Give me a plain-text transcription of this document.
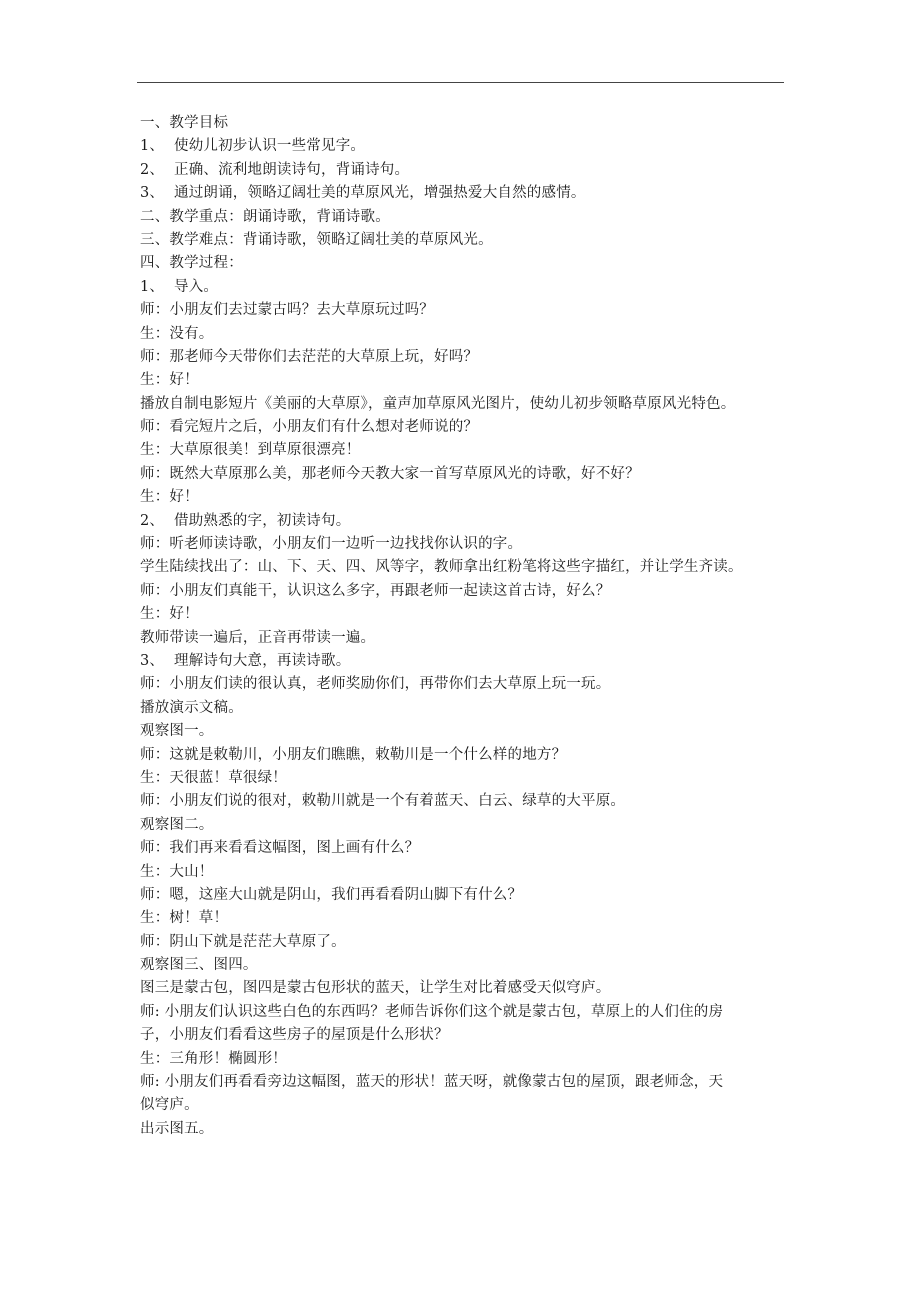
一、教学目标
1、 使幼儿初步认识一些常见字。
2、 正确、流利地朗读诗句，背诵诗句。
3、 通过朗诵，领略辽阔壮美的草原风光，增强热爱大自然的感情。
二、教学重点：朗诵诗歌，背诵诗歌。
三、教学难点：背诵诗歌，领略辽阔壮美的草原风光。
四、教学过程：
1、 导入。
师：小朋友们去过蒙古吗？去大草原玩过吗？
生：没有。
师：那老师今天带你们去茫茫的大草原上玩，好吗？
生：好！
播放自制电影短片《美丽的大草原》，童声加草原风光图片，使幼儿初步领略草原风光特色。
师：看完短片之后，小朋友们有什么想对老师说的？
生：大草原很美！到草原很漂亮！
师：既然大草原那么美，那老师今天教大家一首写草原风光的诗歌，好不好？
生：好！
2、 借助熟悉的字，初读诗句。
师：听老师读诗歌，小朋友们一边听一边找找你认识的字。
学生陆续找出了：山、下、天、四、风等字，教师拿出红粉笔将这些字描红，并让学生齐读。
师：小朋友们真能干，认识这么多字，再跟老师一起读这首古诗，好么？
生：好！
教师带读一遍后，正音再带读一遍。
3、 理解诗句大意，再读诗歌。
师：小朋友们读的很认真，老师奖励你们，再带你们去大草原上玩一玩。
播放演示文稿。
观察图一。
师：这就是敕勒川，小朋友们瞧瞧，敕勒川是一个什么样的地方？
生：天很蓝！草很绿！
师：小朋友们说的很对，敕勒川就是一个有着蓝天、白云、绿草的大平原。
观察图二。
师：我们再来看看这幅图，图上画有什么？
生：大山！
师：嗯，这座大山就是阴山，我们再看看阴山脚下有什么？
生：树！草！
师：阴山下就是茫茫大草原了。
观察图三、图四。
图三是蒙古包，图四是蒙古包形状的蓝天，让学生对比着感受天似穹庐。
师: 小朋友们认识这些白色的东西吗？老师告诉你们这个就是蒙古包，草原上的人们住的房
子，小朋友们看看这些房子的屋顶是什么形状？
生：三角形！椭圆形！
师: 小朋友们再看看旁边这幅图，蓝天的形状！蓝天呀，就像蒙古包的屋顶，跟老师念，天
似穹庐。
出示图五。
